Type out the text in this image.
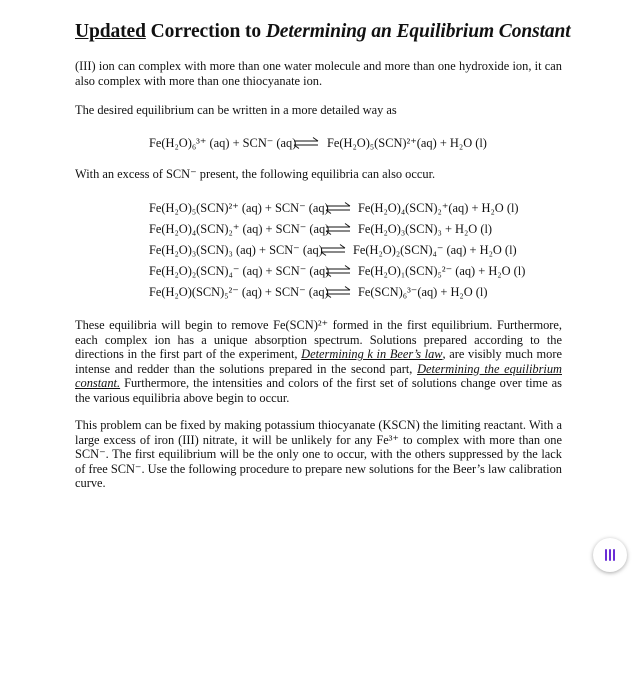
Updated Correction to Determining an Equilibrium Constant
(III) ion can complex with more than one water molecule and more than one hydroxide ion, it can also complex with more than one thiocyanate ion.
The desired equilibrium can be written in a more detailed way as
Fe(H₂O)₆³⁺ (aq) + SCN⁻ (aq) ⇌ Fe(H₂O)₅(SCN)²⁺(aq) + H₂O (l)
With an excess of SCN⁻ present, the following equilibria can also occur.
Fe(H₂O)₅(SCN)²⁺ (aq) + SCN⁻ (aq) ⇌ Fe(H₂O)₄(SCN)₂⁺(aq) + H₂O (l)
Fe(H₂O)₄(SCN)₂⁺ (aq) + SCN⁻ (aq) ⇌ Fe(H₂O)₃(SCN)₃ + H₂O (l)
Fe(H₂O)₃(SCN)₃ (aq) + SCN⁻ (aq) ⇌ Fe(H₂O)₂(SCN)₄⁻ (aq) + H₂O (l)
Fe(H₂O)₂(SCN)₄⁻ (aq) + SCN⁻ (aq) ⇌ Fe(H₂O)₁(SCN)₅²⁻ (aq) + H₂O (l)
Fe(H₂O)(SCN)₅²⁻ (aq) + SCN⁻ (aq) ⇌ Fe(SCN)₆³⁻(aq) + H₂O (l)
These equilibria will begin to remove Fe(SCN)²⁺ formed in the first equilibrium. Furthermore, each complex ion has a unique absorption spectrum. Solutions prepared according to the directions in the first part of the experiment, Determining k in Beer’s law, are visibly much more intense and redder than the solutions prepared in the second part, Determining the equilibrium constant. Furthermore, the intensities and colors of the first set of solutions change over time as the various equilibria above begin to occur.
This problem can be fixed by making potassium thiocyanate (KSCN) the limiting reactant. With a large excess of iron (III) nitrate, it will be unlikely for any Fe³⁺ to complex with more than one SCN⁻. The first equilibrium will be the only one to occur, with the others suppressed by the lack of free SCN⁻. Use the following procedure to prepare new solutions for the Beer’s law calibration curve.
